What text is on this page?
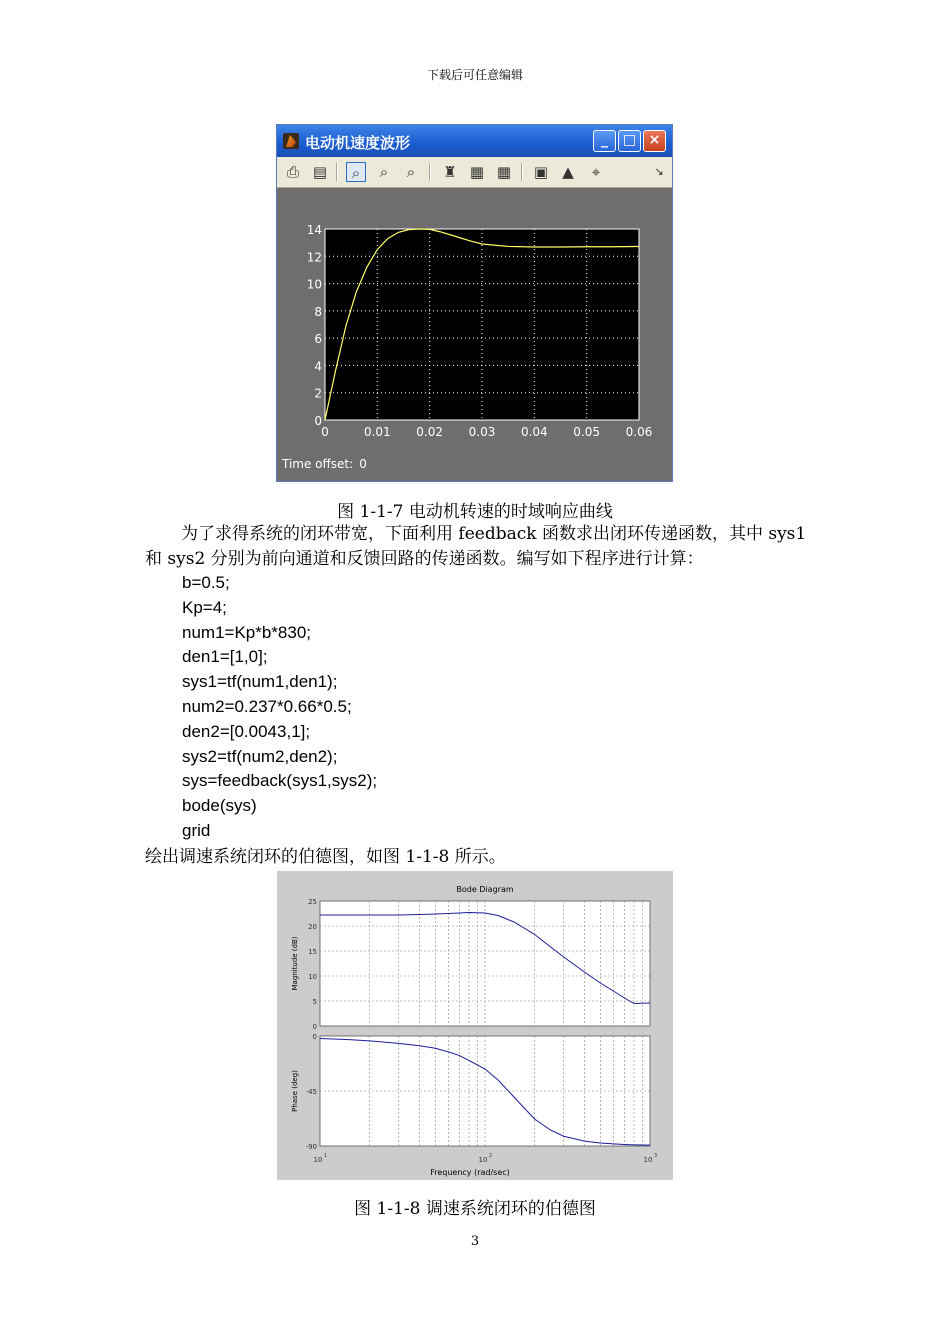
下载后可任意编辑
电动机速度波形	_	□ ×
⎙ ▤	⌕	⌕	⌕	♜ ▦ ▦ ▣ ▲	⌖	↘
0	0.01 0.02 0.03 0.04 0.05 0.06
0
2
4
6
8
10
12
14
Time offset: 0
图 1-1-7 电动机转速的时域响应曲线
为了求得系统的闭环带宽，下面利用 feedback 函数求出闭环传递函数，其中 sys1 和 sys2 分别为前向通道和反馈回路的传递函数。编写如下程序进行计算：
b=0.5;
Kp=4;
num1=Kp*b*830;
den1=[1,0];
sys1=tf(num1,den1);
num2=0.237*0.66*0.5;
den2=[0.0043,1];
sys2=tf(num2,den2);
sys=feedback(sys1,sys2);
bode(sys)
grid
绘出调速系统闭环的伯德图，如图 1-1-8 所示。
Bode Diagram
0
5
10
15
20
25
Magnitude (dB)
0
-45
-90
Phase (deg)
10 1	10 2	10 3
Frequency (rad/sec)
图 1-1-8 调速系统闭环的伯德图
3
